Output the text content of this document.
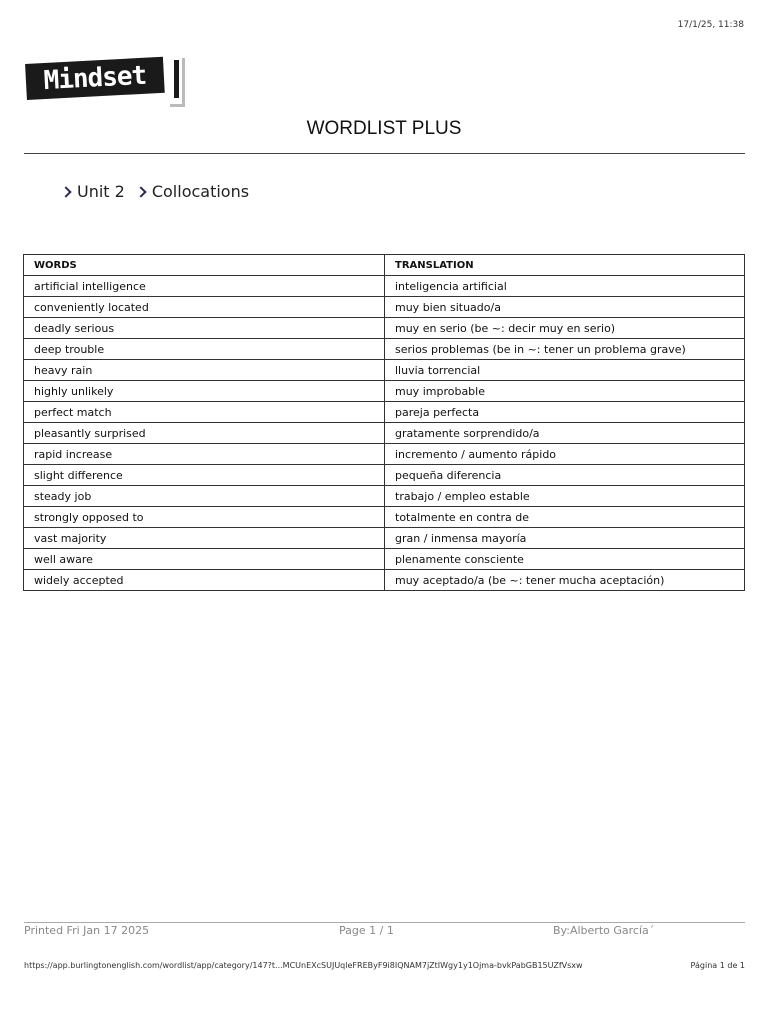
17/1/25, 11:38
Mindset
WORDLIST PLUS
Unit 2 Collocations
WORDS	TRANSLATION
artificial intelligence	inteligencia artificial
conveniently located	muy bien situado/a
deadly serious	muy en serio (be ~: decir muy en serio)
deep trouble	serios problemas (be in ~: tener un problema grave)
heavy rain	lluvia torrencial
highly unlikely	muy improbable
perfect match	pareja perfecta
pleasantly surprised	gratamente sorprendido/a
rapid increase	incremento / aumento rápido
slight difference	pequeña diferencia
steady job	trabajo / empleo estable
strongly opposed to	totalmente en contra de
vast majority	gran / inmensa mayoría
well aware	plenamente consciente
widely accepted	muy aceptado/a (be ~: tener mucha aceptación)
Printed Fri Jan 17 2025	Page 1 / 1	By:Alberto García´
https://app.burlingtonenglish.com/wordlist/app/category/147?t...MCUnEXcSUJUqleFREByF9i8IQNAM7jZtIWgy1y1Ojma-bvkPabGB15UZfVsxw	Página 1 de 1
